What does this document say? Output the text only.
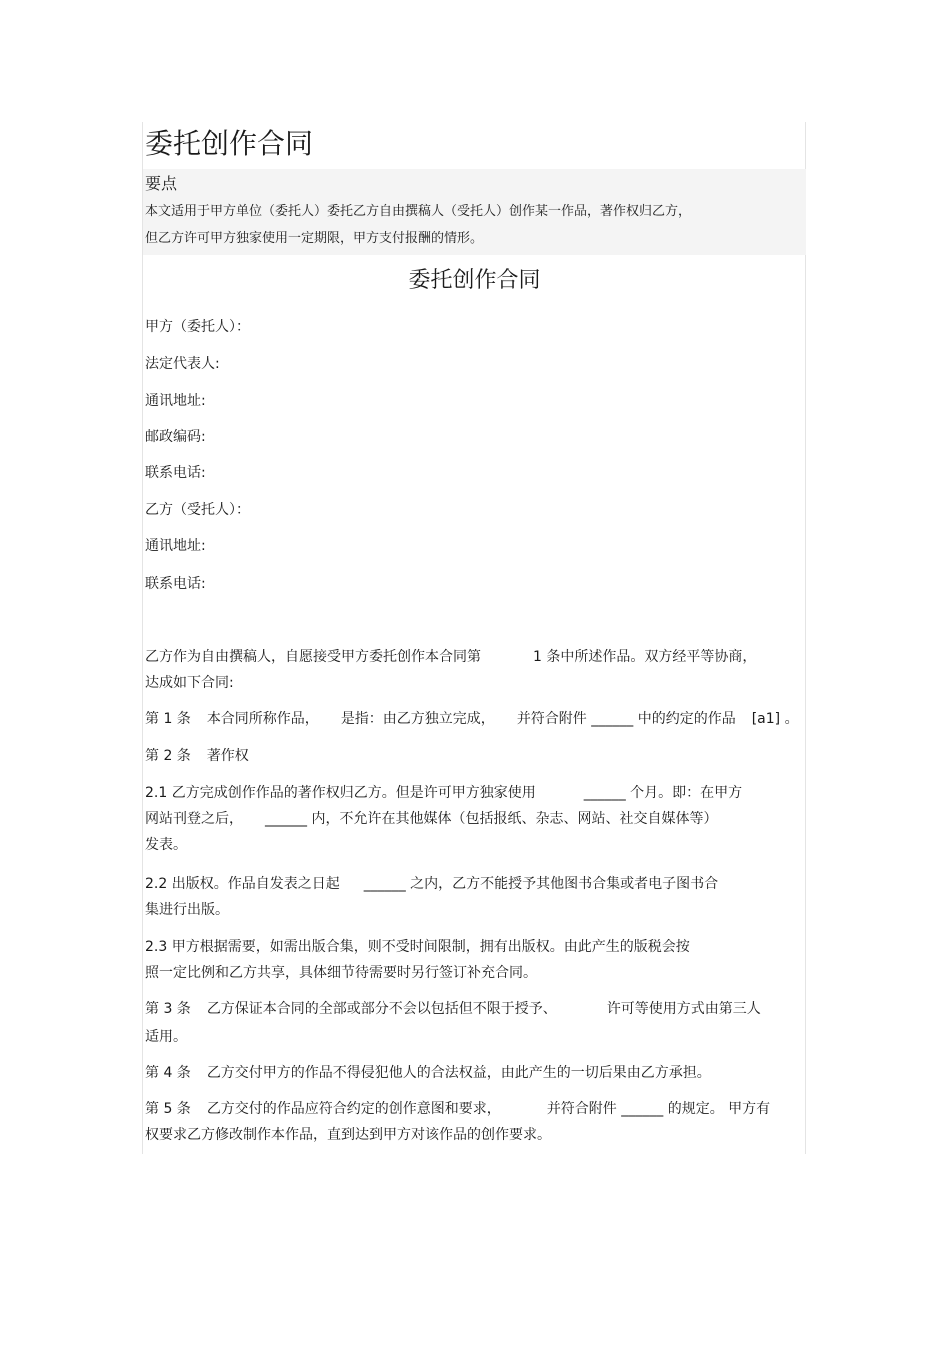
委托创作合同
要点
本文适用于甲方单位（委托人）委托乙方自由撰稿人（受托人）创作某一作品，著作权归乙方，
但乙方许可甲方独家使用一定期限，甲方支付报酬的情形。
委托创作合同
甲方（委托人）：
法定代表人:
通讯地址:
邮政编码:
联系电话:
乙方（受托人）：
通讯地址:
联系电话:
乙方作为自由撰稿人，自愿接受甲方委托创作本合同第	1 条中所述作品。双方经平等协商，
达成如下合同:
第 1 条 本合同所称作品， 是指：由乙方独立完成， 并符合附件 ______ 中的约定的作品 [a1] 。
第 2 条 著作权
2.1 乙方完成创作作品的著作权归乙方。但是许可甲方独家使用	______ 个月。即：在甲方
网站刊登之后， ______ 内，不允许在其他媒体（包括报纸、杂志、网站、社交自媒体等）
发表。
2.2 出版权。作品自发表之日起 ______ 之内，乙方不能授予其他图书合集或者电子图书合
集进行出版。
2.3 甲方根据需要，如需出版合集，则不受时间限制，拥有出版权。由此产生的版税会按
照一定比例和乙方共享，具体细节待需要时另行签订补充合同。
第 3 条 乙方保证本合同的全部或部分不会以包括但不限于授予、	许可等使用方式由第三人
适用。
第 4 条 乙方交付甲方的作品不得侵犯他人的合法权益，由此产生的一切后果由乙方承担。
第 5 条 乙方交付的作品应符合约定的创作意图和要求，	并符合附件 ______ 的规定。 甲方有
权要求乙方修改制作本作品，直到达到甲方对该作品的创作要求。
